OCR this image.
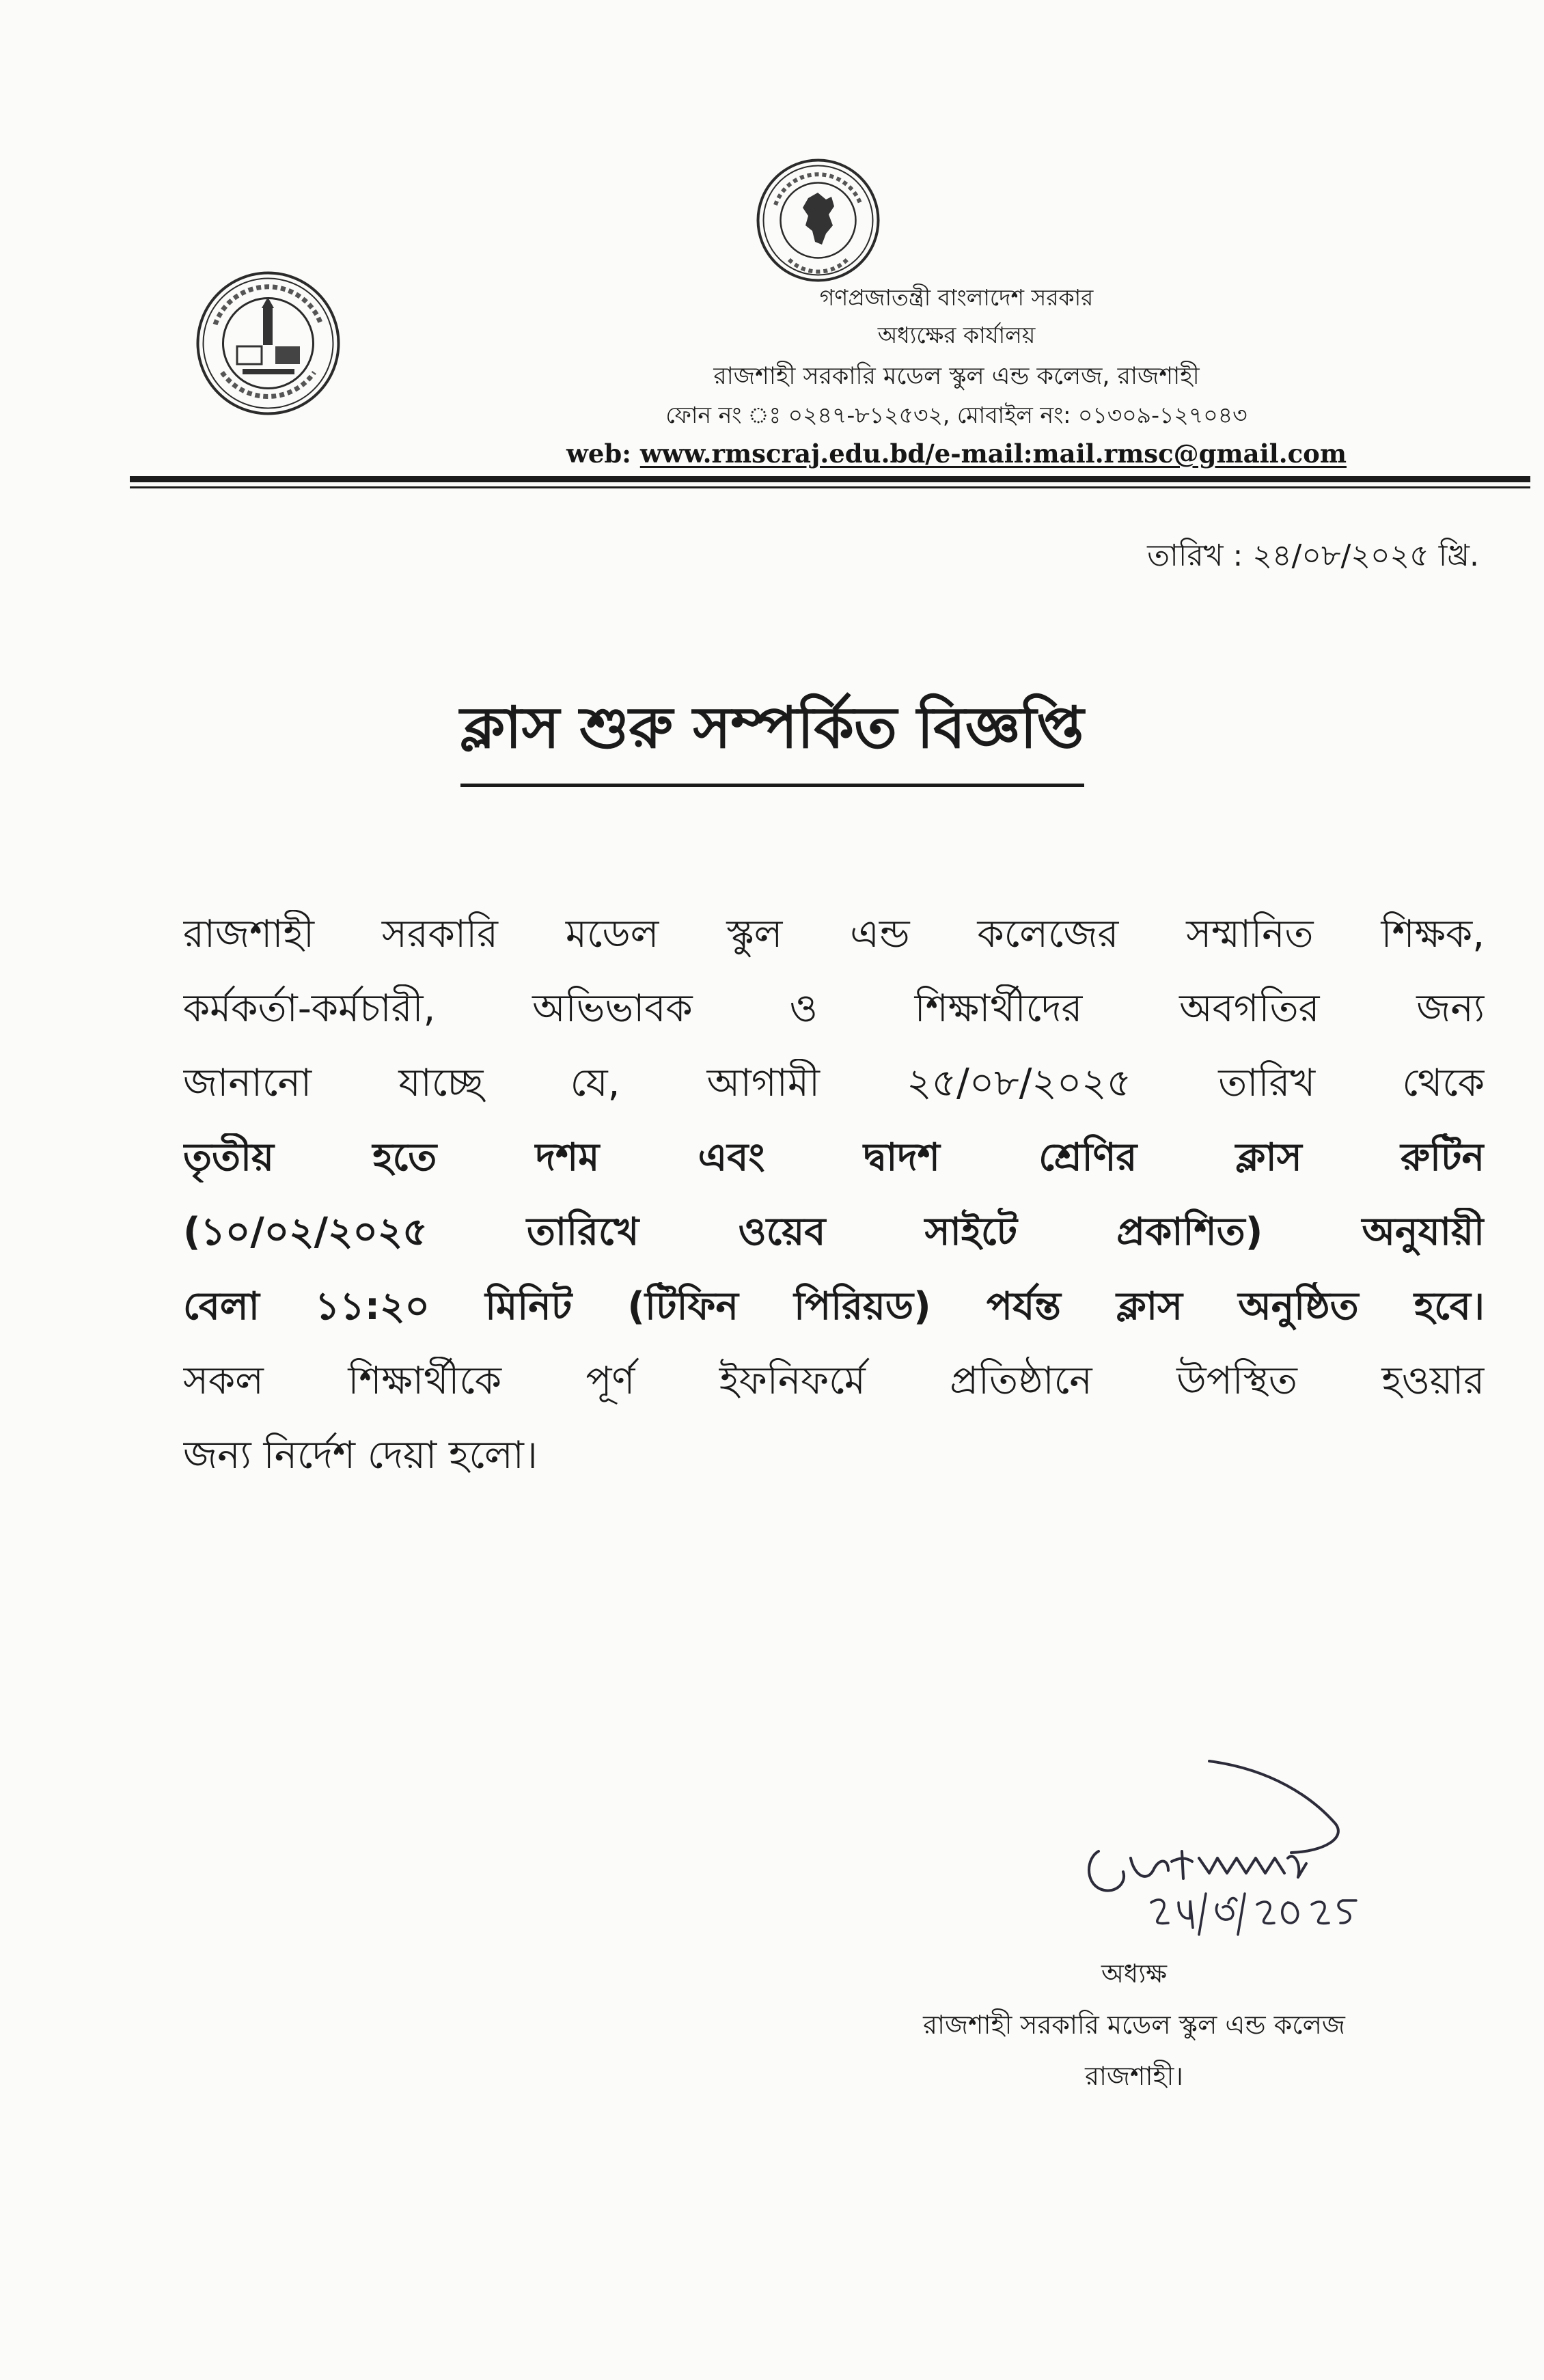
গণপ্রজাতন্ত্রী বাংলাদেশ সরকার
অধ্যক্ষের কার্যালয়
রাজশাহী সরকারি মডেল স্কুল এন্ড কলেজ, রাজশাহী
ফোন নং ঃ ০২৪৭-৮১২৫৩২, মোবাইল নং: ০১৩০৯-১২৭০৪৩
web: www.rmscraj.edu.bd/e-mail:mail.rmsc@gmail.com
তারিখ : ২৪/০৮/২০২৫ খ্রি.
ক্লাস শুরু সম্পর্কিত বিজ্ঞপ্তি
রাজশাহী সরকারি মডেল স্কুল এন্ড কলেজের সম্মানিত শিক্ষক,
কর্মকর্তা-কর্মচারী, অভিভাবক ও শিক্ষার্থীদের অবগতির জন্য
জানানো যাচ্ছে যে, আগামী ২৫/০৮/২০২৫ তারিখ থেকে
তৃতীয় হতে দশম এবং দ্বাদশ শ্রেণির ক্লাস রুটিন
(১০/০২/২০২৫ তারিখে ওয়েব সাইটে প্রকাশিত) অনুযায়ী
বেলা ১১:২০ মিনিট (টিফিন পিরিয়ড) পর্যন্ত ক্লাস অনুষ্ঠিত হবে।
সকল শিক্ষার্থীকে পূর্ণ ইফনিফর্মে প্রতিষ্ঠানে উপস্থিত হওয়ার
জন্য নির্দেশ দেয়া হলো।
অধ্যক্ষ
রাজশাহী সরকারি মডেল স্কুল এন্ড কলেজ
রাজশাহী।
